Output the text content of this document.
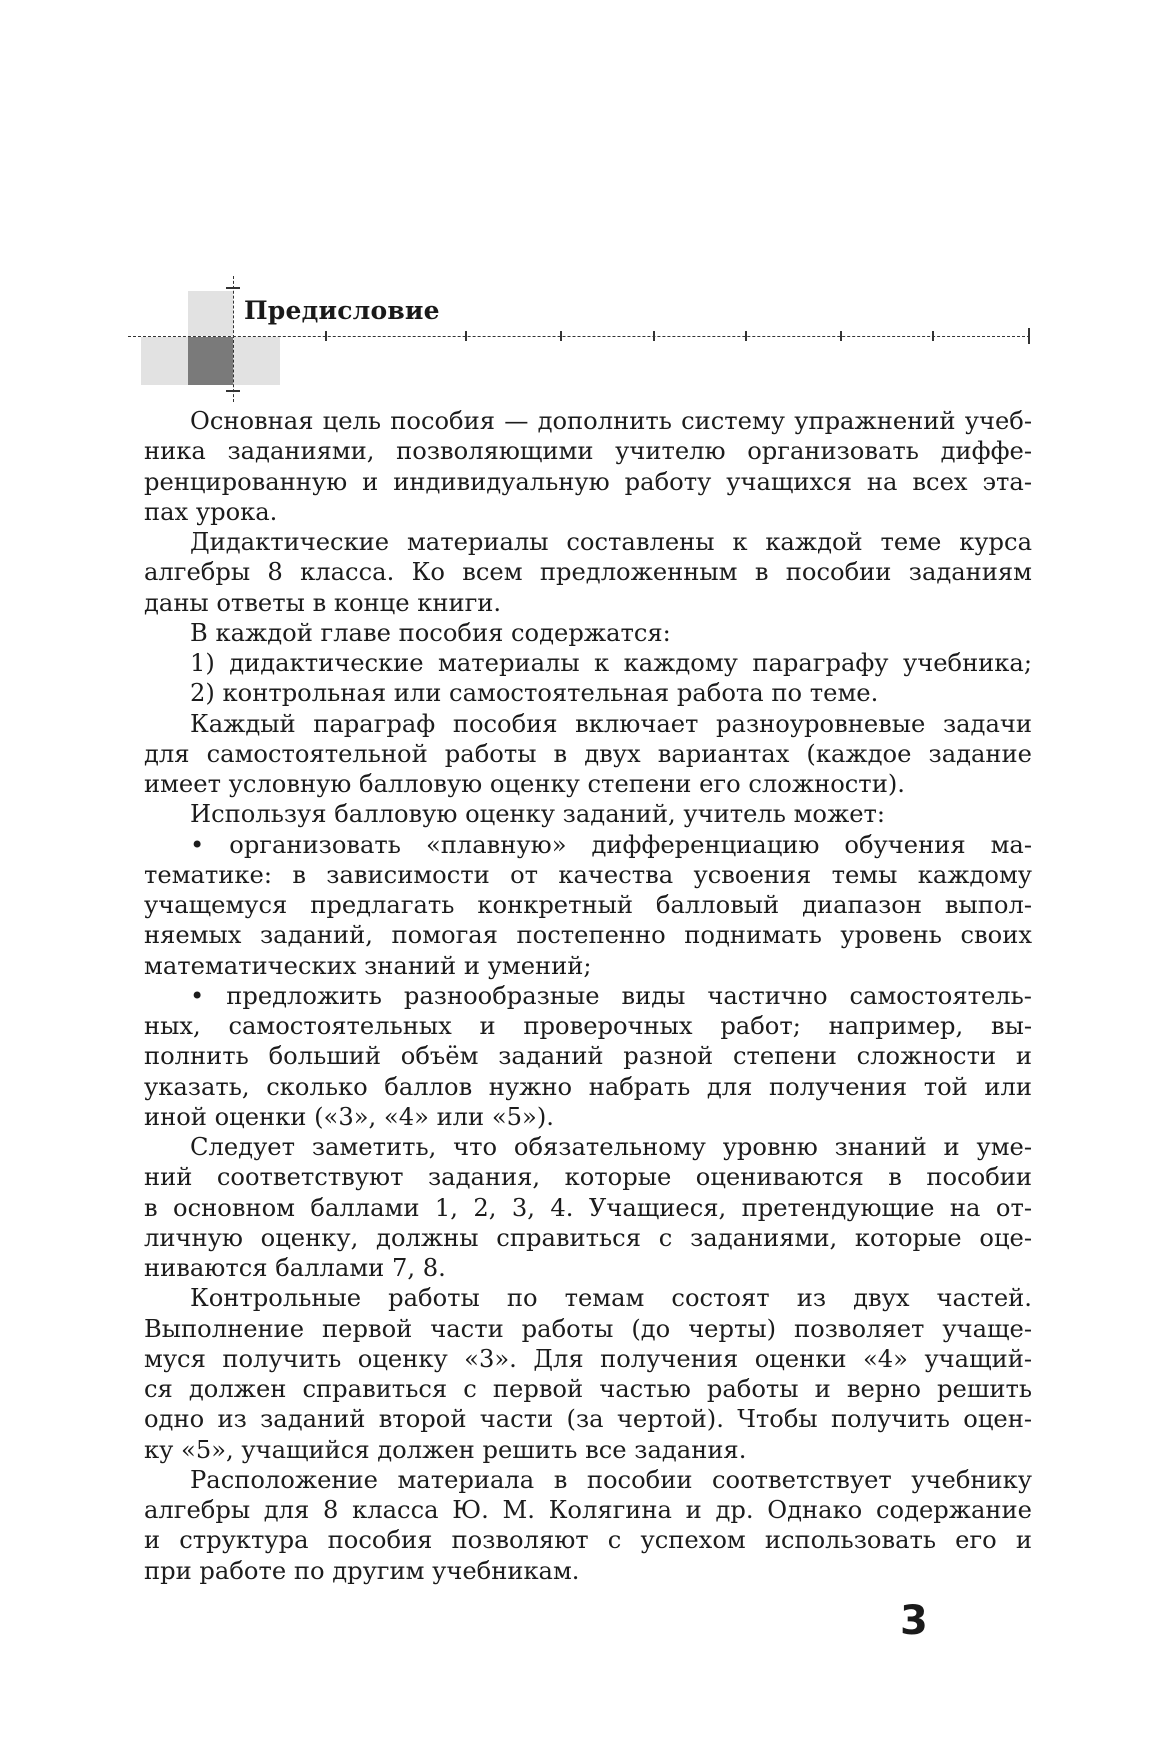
Предисловие
Основная цель пособия — дополнить систему упражнений учеб-
ника заданиями, позволяющими учителю организовать диффе-
ренцированную и индивидуальную работу учащихся на всех эта-
пах урока.
Дидактические материалы составлены к каждой теме курса
алгебры 8 класса. Ко всем предложенным в пособии заданиям
даны ответы в конце книги.
В каждой главе пособия содержатся:
1) дидактические материалы к каждому параграфу учебника;
2) контрольная или самостоятельная работа по теме.
Каждый параграф пособия включает разноуровневые задачи
для самостоятельной работы в двух вариантах (каждое задание
имеет условную балловую оценку степени его сложности).
Используя балловую оценку заданий, учитель может:
• организовать «плавную» дифференциацию обучения ма-
тематике: в зависимости от качества усвоения темы каждому
учащемуся предлагать конкретный балловый диапазон выпол-
няемых заданий, помогая постепенно поднимать уровень своих
математических знаний и умений;
• предложить разнообразные виды частично самостоятель-
ных, самостоятельных и проверочных работ; например, вы-
полнить больший объём заданий разной степени сложности и
указать, сколько баллов нужно набрать для получения той или
иной оценки («3», «4» или «5»).
Следует заметить, что обязательному уровню знаний и уме-
ний соответствуют задания, которые оцениваются в пособии
в основном баллами 1, 2, 3, 4. Учащиеся, претендующие на от-
личную оценку, должны справиться с заданиями, которые оце-
ниваются баллами 7, 8.
Контрольные работы по темам состоят из двух частей.
Выполнение первой части работы (до черты) позволяет учаще-
муся получить оценку «3». Для получения оценки «4» учащий-
ся должен справиться с первой частью работы и верно решить
одно из заданий второй части (за чертой). Чтобы получить оцен-
ку «5», учащийся должен решить все задания.
Расположение материала в пособии соответствует учебнику
алгебры для 8 класса Ю. М. Колягина и др. Однако содержание
и структура пособия позволяют с успехом использовать его и
при работе по другим учебникам.
3
